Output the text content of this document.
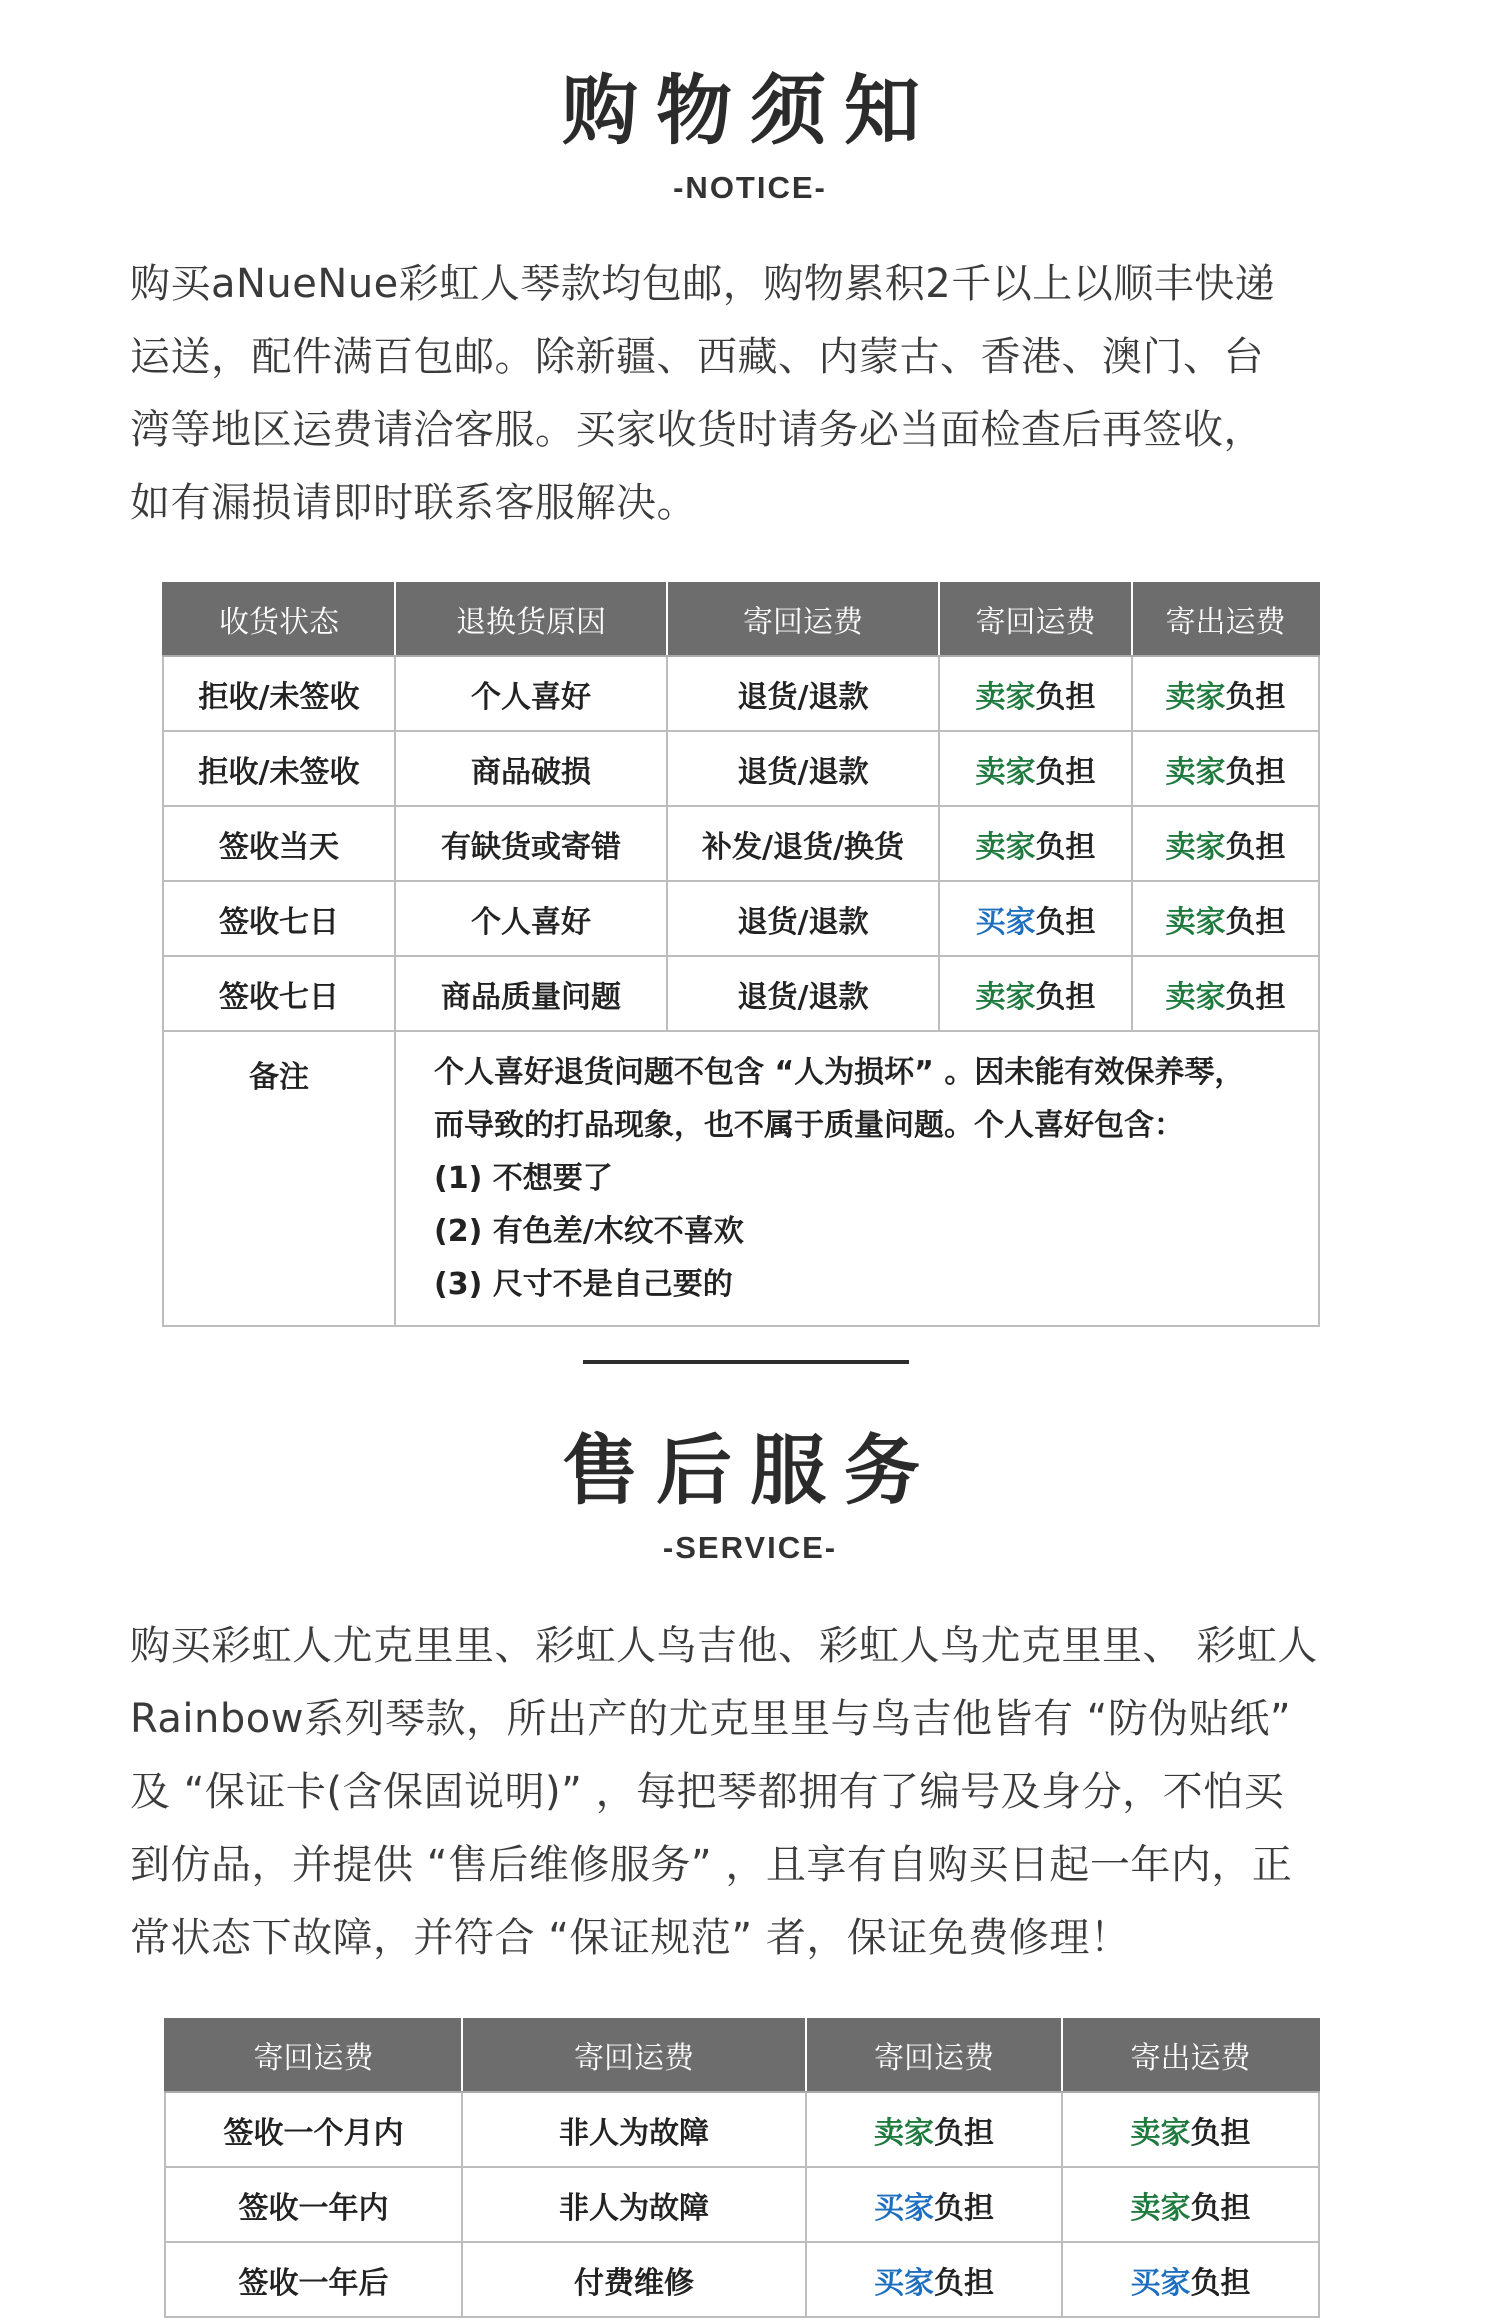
购物须知
-NOTICE-
购买aNueNue彩虹人琴款均包邮，购物累积2千以上以顺丰快递
运送，配件满百包邮。除新疆、西藏、内蒙古、香港、澳门、台
湾等地区运费请洽客服。买家收货时请务必当面检查后再签收，
如有漏损请即时联系客服解决。
收货状态	退换货原因	寄回运费	寄回运费	寄出运费
拒收/未签收	个人喜好	退货/退款	卖家负担	卖家负担
拒收/未签收	商品破损	退货/退款	卖家负担	卖家负担
签收当天	有缺货或寄错	补发/退货/换货	卖家负担	卖家负担
签收七日	个人喜好	退货/退款	买家负担	卖家负担
签收七日	商品质量问题	退货/退款	卖家负担	卖家负担
备注	个人喜好退货问题不包含 “人为损坏” 。因未能有效保养琴，
而导致的打品现象，也不属于质量问题。个人喜好包含：
(1) 不想要了
(2) 有色差/木纹不喜欢
(3) 尺寸不是自己要的			
售后服务
-SERVICE-
购买彩虹人尤克里里、彩虹人鸟吉他、彩虹人鸟尤克里里、 彩虹人
Rainbow系列琴款，所出产的尤克里里与鸟吉他皆有 “防伪贴纸”
及 “保证卡(含保固说明)” ，每把琴都拥有了编号及身分，不怕买
到仿品，并提供 “售后维修服务” ，且享有自购买日起一年内，正
常状态下故障，并符合 “保证规范” 者，保证免费修理！
寄回运费	寄回运费	寄回运费	寄出运费
签收一个月内	非人为故障	卖家负担	卖家负担
签收一年内	非人为故障	买家负担	卖家负担
签收一年后	付费维修	买家负担	买家负担
